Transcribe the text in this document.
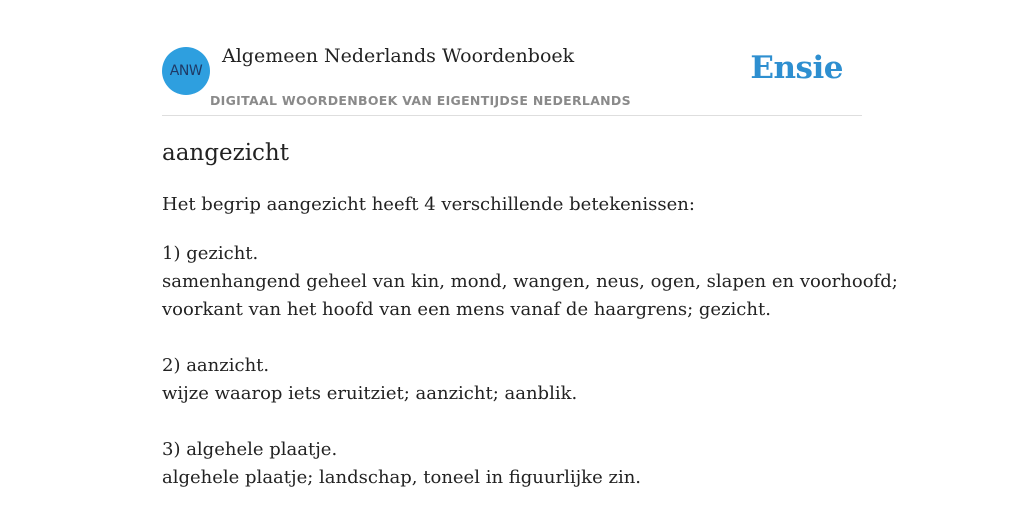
ANW
Algemeen Nederlands Woordenboek
DIGITAAL WOORDENBOEK VAN EIGENTIJDSE NEDERLANDS
Ensie
aangezicht
Het begrip aangezicht heeft 4 verschillende betekenissen:
1) gezicht.
samenhangend geheel van kin, mond, wangen, neus, ogen, slapen en voorhoofd;
voorkant van het hoofd van een mens vanaf de haargrens; gezicht.
2) aanzicht.
wijze waarop iets eruitziet; aanzicht; aanblik.
3) algehele plaatje.
algehele plaatje; landschap, toneel in figuurlijke zin.
